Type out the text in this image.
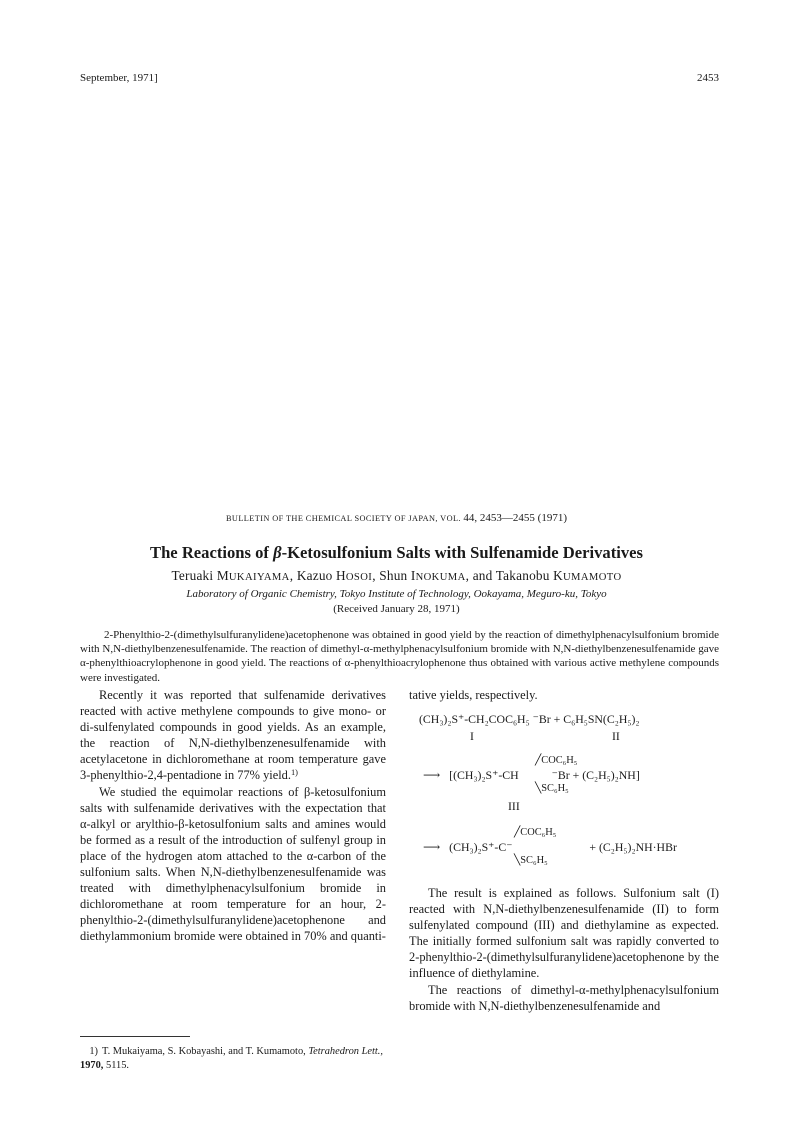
September, 1971]	2453
BULLETIN OF THE CHEMICAL SOCIETY OF JAPAN, VOL. 44, 2453—2455 (1971)
The Reactions of β-Ketosulfonium Salts with Sulfenamide Derivatives
Teruaki MUKAIYAMA, Kazuo HOSOI, Shun INOKUMA, and Takanobu KUMAMOTO
Laboratory of Organic Chemistry, Tokyo Institute of Technology, Ookayama, Meguro-ku, Tokyo
(Received January 28, 1971)
2-Phenylthio-2-(dimethylsulfuranylidene)acetophenone was obtained in good yield by the reaction of dimethylphenacylsulfonium bromide with N,N-diethylbenzenesulfenamide. The reaction of dimethyl-α-methylphenacylsulfonium bromide with N,N-diethylbenzenesulfenamide gave α-phenylthioacrylophenone in good yield. The reactions of α-phenylthioacrylophenone thus obtained with various active methylene compounds were investigated.

Recently it was reported that sulfenamide derivatives reacted with active methylene compounds to give mono- or di-sulfenylated compounds in good yields. As an example, the reaction of N,N-diethylbenzenesulfenamide with acetylacetone in dichloromethane at room temperature gave 3-phenylthio-2,4-pentadione in 77% yield.$^{1)}$

We studied the equimolar reactions of β-ketosulfonium salts with sulfenamide derivatives with the expectation that α-alkyl or arylthio-β-ketosulfonium salts and amines would be formed as a result of the introduction of sulfenyl group in place of the hydrogen atom attached to the α-carbon of the sulfonium salts. When N,N-diethylbenzenesulfenamide was treated with dimethylphenacylsulfonium bromide in dichloromethane at room temperature for an hour, 2-phenylthio-2-(dimethylsulfuranylidene)acetophenone and diethylammonium bromide were obtained in 70% and quanti-

1) T. Mukaiyama, S. Kobayashi, and T. Kumamoto, Tetrahedron Lett., 1970, 5115.

tative yields, respectively.

(CH₃)₂S⁺-CH₂COC₆H₅ ⁻Br + C₆H₅SN(C₂H₅)₂
I	II
╱COC₆H₅
⟶ [(CH₃)₂S⁺-CH	⁻Br + (C₂H₅)₂NH]
╲SC₆H₅
III
╱COC₆H₅
⟶ (CH₃)₂S⁺-C⁻	+ (C₂H₅)₂NH·HBr
╲SC₆H₅

The result is explained as follows. Sulfonium salt (I) reacted with N,N-diethylbenzenesulfenamide (II) to form sulfenylated compound (III) and diethylamine as expected. The initially formed sulfonium salt was rapidly converted to 2-phenylthio-2-(dimethylsulfuranylidene)acetophenone by the influence of diethylamine.

The reactions of dimethyl-α-methylphenacylsulfonium bromide with N,N-diethylbenzenesulfenamide and
